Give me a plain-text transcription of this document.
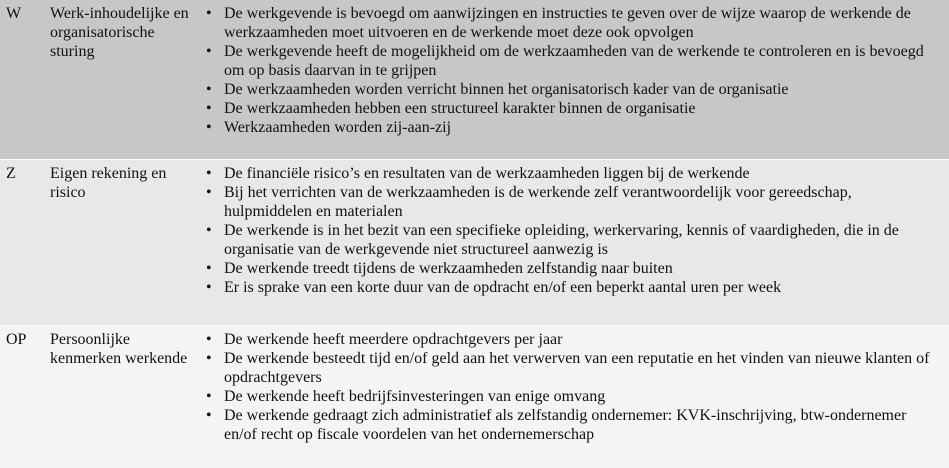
W	Werk-inhoudelijke en organisatorische sturing
• De werkgevende is bevoegd om aanwijzingen en instructies te geven over de wijze waarop de werkende de werkzaamheden moet uitvoeren en de werkende moet deze ook opvolgen
• De werkgevende heeft de mogelijkheid om de werkzaamheden van de werkende te controleren en is bevoegd om op basis daarvan in te grijpen
• De werkzaamheden worden verricht binnen het organisatorisch kader van de organisatie
• De werkzaamheden hebben een structureel karakter binnen de organisatie
• Werkzaamheden worden zij-aan-zij
Z	Eigen rekening en risico
• De financiële risico’s en resultaten van de werkzaamheden liggen bij de werkende
• Bij het verrichten van de werkzaamheden is de werkende zelf verantwoordelijk voor gereedschap, hulpmiddelen en materialen
• De werkende is in het bezit van een specifieke opleiding, werkervaring, kennis of vaardigheden, die in de organisatie van de werkgevende niet structureel aanwezig is
• De werkende treedt tijdens de werkzaamheden zelfstandig naar buiten
• Er is sprake van een korte duur van de opdracht en/of een beperkt aantal uren per week
OP	Persoonlijke kenmerken werkende
• De werkende heeft meerdere opdrachtgevers per jaar
• De werkende besteedt tijd en/of geld aan het verwerven van een reputatie en het vinden van nieuwe klanten of opdrachtgevers
• De werkende heeft bedrijfsinvesteringen van enige omvang
• De werkende gedraagt zich administratief als zelfstandig ondernemer: KVK-inschrijving, btw-ondernemer en/of recht op fiscale voordelen van het ondernemerschap
